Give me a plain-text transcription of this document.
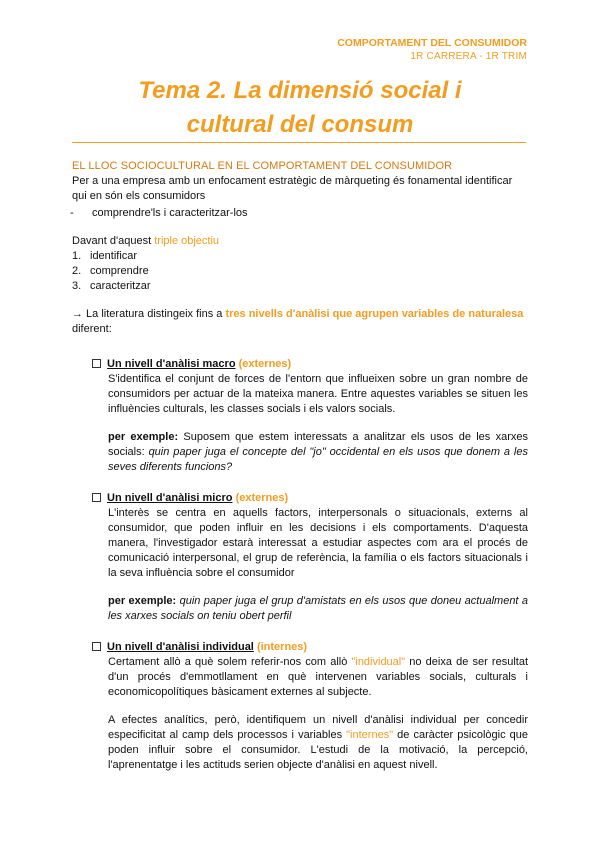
COMPORTAMENT DEL CONSUMIDOR
1R CARRERA - 1R TRIM
Tema 2. La dimensió social i
cultural del consum

EL LLOC SOCIOCULTURAL EN EL COMPORTAMENT DEL CONSUMIDOR

Per a una empresa amb un enfocament estratègic de màrqueting és fonamental identificar qui en són els consumidors

- comprendre'ls i caracteritzar-los

Davant d'aquest triple objectiu

1. identificar
2. comprendre
3. caracteritzar

→ La literatura distingeix fins a tres nivells d'anàlisi que agrupen variables de naturalesa diferent:

Un nivell d'anàlisi macro (externes)

S'identifica el conjunt de forces de l'entorn que influeixen sobre un gran nombre de consumidors per actuar de la mateixa manera. Entre aquestes variables se situen les influències culturals, les classes socials i els valors socials.

per exemple: Suposem que estem interessats a analitzar els usos de les xarxes socials: quin paper juga el concepte del "jo" occidental en els usos que donem a les seves diferents funcions?

Un nivell d'anàlisi micro (externes)

L'interès se centra en aquells factors, interpersonals o situacionals, externs al consumidor, que poden influir en les decisions i els comportaments. D'aquesta manera, l'investigador estarà interessat a estudiar aspectes com ara el procés de comunicació interpersonal, el grup de referència, la família o els factors situacionals i la seva influència sobre el consumidor

per exemple: quin paper juga el grup d'amistats en els usos que doneu actualment a les xarxes socials on teniu obert perfil

Un nivell d'anàlisi individual (internes)

Certament allò a què solem referir-nos com allò "individual" no deixa de ser resultat d'un procés d'emmotllament en què intervenen variables socials, culturals i economicopolítiques bàsicament externes al subjecte.

A efectes analítics, però, identifiquem un nivell d'anàlisi individual per concedir especificitat al camp dels processos i variables "internes" de caràcter psicològic que poden influir sobre el consumidor. L'estudi de la motivació, la percepció, l'aprenentatge i les actituds serien objecte d'anàlisi en aquest nivell.
